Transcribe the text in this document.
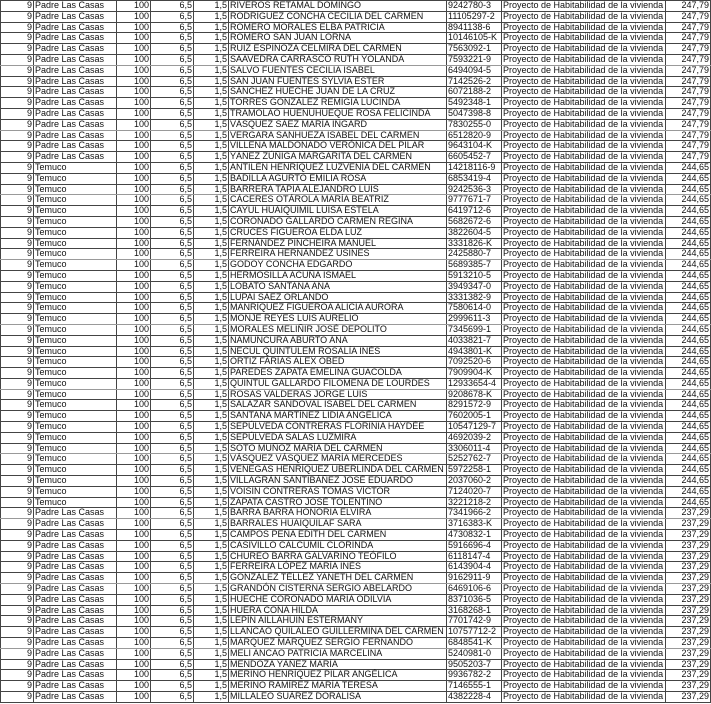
9	Padre Las Casas	100	6,5	1,5	RIVEROS RETAMAL DOMINGO	9242780-3	Proyecto de Habitabilidad de la vivienda	247,79
9	Padre Las Casas	100	6,5	1,5	RODRÍGUEZ CONCHA CECILIA DEL CARMEN	11105297-2	Proyecto de Habitabilidad de la vivienda	247,79
9	Padre Las Casas	100	6,5	1,5	ROMERO MORALES ELBA PATRICIA	8941138-6	Proyecto de Habitabilidad de la vivienda	247,79
9	Padre Las Casas	100	6,5	1,5	ROMERO SAN JUAN LORNA	10146105-K	Proyecto de Habitabilidad de la vivienda	247,79
9	Padre Las Casas	100	6,5	1,5	RUIZ ESPINOZA CELMIRA DEL CARMEN	7563092-1	Proyecto de Habitabilidad de la vivienda	247,79
9	Padre Las Casas	100	6,5	1,5	SAAVEDRA CARRASCO RUTH YOLANDA	7593221-9	Proyecto de Habitabilidad de la vivienda	247,79
9	Padre Las Casas	100	6,5	1,5	SALVO FUENTES CECILIA ISABEL	6494094-5	Proyecto de Habitabilidad de la vivienda	247,79
9	Padre Las Casas	100	6,5	1,5	SAN JUAN FUENTES SYLVIA ESTER	7142526-2	Proyecto de Habitabilidad de la vivienda	247,79
9	Padre Las Casas	100	6,5	1,5	SÁNCHEZ HUECHE JUAN DE LA CRUZ	6072188-2	Proyecto de Habitabilidad de la vivienda	247,79
9	Padre Las Casas	100	6,5	1,5	TORRES GONZÁLEZ REMIGIA LUCINDA	5492348-1	Proyecto de Habitabilidad de la vivienda	247,79
9	Padre Las Casas	100	6,5	1,5	TRAMOLAO HUENUHUEQUE ROSA FELICINDA	5047398-8	Proyecto de Habitabilidad de la vivienda	247,79
9	Padre Las Casas	100	6,5	1,5	VÁSQUEZ SÁEZ MARÍA INGARD	7830255-0	Proyecto de Habitabilidad de la vivienda	247,79
9	Padre Las Casas	100	6,5	1,5	VERGARA SANHUEZA ISABEL DEL CARMEN	6512820-9	Proyecto de Habitabilidad de la vivienda	247,79
9	Padre Las Casas	100	6,5	1,5	VILLENA MALDONADO VERÓNICA DEL PILAR	9643104-K	Proyecto de Habitabilidad de la vivienda	247,79
9	Padre Las Casas	100	6,5	1,5	YÁÑEZ ZÚÑIGA MARGARITA DEL CARMEN	6605452-7	Proyecto de Habitabilidad de la vivienda	247,79
9	Temuco	100	6,5	1,5	ANTILÉN HENRÍQUEZ LUZVENIA DEL CARMEN	14218116-9	Proyecto de Habitabilidad de la vivienda	244,65
9	Temuco	100	6,5	1,5	BADILLA AGURTO EMILIA ROSA	6853419-4	Proyecto de Habitabilidad de la vivienda	244,65
9	Temuco	100	6,5	1,5	BARRERA TAPIA ALEJANDRO LUIS	9242536-3	Proyecto de Habitabilidad de la vivienda	244,65
9	Temuco	100	6,5	1,5	CÁCERES OTÁROLA MARÍA BEATRIZ	9777671-7	Proyecto de Habitabilidad de la vivienda	244,65
9	Temuco	100	6,5	1,5	CAYUL HUAIQUIMIL LUISA ESTELA	6419712-6	Proyecto de Habitabilidad de la vivienda	244,65
9	Temuco	100	6,5	1,5	CORONADO GALLARDO CARMEN REGINA	5682672-6	Proyecto de Habitabilidad de la vivienda	244,65
9	Temuco	100	6,5	1,5	CRUCES FIGUEROA ELDA LUZ	3822604-5	Proyecto de Habitabilidad de la vivienda	244,65
9	Temuco	100	6,5	1,5	FERNÁNDEZ PINCHEIRA MANUEL	3331826-K	Proyecto de Habitabilidad de la vivienda	244,65
9	Temuco	100	6,5	1,5	FERREIRA HERNÁNDEZ USINES	2425880-7	Proyecto de Habitabilidad de la vivienda	244,65
9	Temuco	100	6,5	1,5	GODOY CONCHA EDGARDO	5689385-7	Proyecto de Habitabilidad de la vivienda	244,65
9	Temuco	100	6,5	1,5	HERMOSILLA ACUÑA ISMAEL	5913210-5	Proyecto de Habitabilidad de la vivienda	244,65
9	Temuco	100	6,5	1,5	LOBATO SANTANA ANA	3949347-0	Proyecto de Habitabilidad de la vivienda	244,65
9	Temuco	100	6,5	1,5	LUPAI SÁEZ ORLANDO	3331382-9	Proyecto de Habitabilidad de la vivienda	244,65
9	Temuco	100	6,5	1,5	MANRÍQUEZ FIGUEROA ALICIA AURORA	7580614-0	Proyecto de Habitabilidad de la vivienda	244,65
9	Temuco	100	6,5	1,5	MONJE REYES LUIS AURELIO	2999611-3	Proyecto de Habitabilidad de la vivienda	244,65
9	Temuco	100	6,5	1,5	MORALES MELIÑIR JOSÉ DEPOLITO	7345699-1	Proyecto de Habitabilidad de la vivienda	244,65
9	Temuco	100	6,5	1,5	NAMUNCURA ABURTO ANA	4033821-7	Proyecto de Habitabilidad de la vivienda	244,65
9	Temuco	100	6,5	1,5	NECUL QUINTULEM ROSALÍA INÉS	4943801-K	Proyecto de Habitabilidad de la vivienda	244,65
9	Temuco	100	6,5	1,5	ORTIZ FARÍAS ALEX OBED	7092520-6	Proyecto de Habitabilidad de la vivienda	244,65
9	Temuco	100	6,5	1,5	PAREDES ZAPATA EMELINA GUACOLDA	7909904-K	Proyecto de Habitabilidad de la vivienda	244,65
9	Temuco	100	6,5	1,5	QUINTUL GALLARDO FILOMENA DE LOURDES	12933654-4	Proyecto de Habitabilidad de la vivienda	244,65
9	Temuco	100	6,5	1,5	ROSAS VALDERAS JORGE LUIS	9208678-K	Proyecto de Habitabilidad de la vivienda	244,65
9	Temuco	100	6,5	1,5	SALAZAR SANDOVAL ISABEL DEL CARMEN	8291572-9	Proyecto de Habitabilidad de la vivienda	244,65
9	Temuco	100	6,5	1,5	SANTANA MARTÍNEZ LIDIA ANGÉLICA	7602005-1	Proyecto de Habitabilidad de la vivienda	244,65
9	Temuco	100	6,5	1,5	SEPÚLVEDA CONTRERAS FLORINIA HAYDÉE	10547129-7	Proyecto de Habitabilidad de la vivienda	244,65
9	Temuco	100	6,5	1,5	SEPÚLVEDA SALAS LUZMIRA	4692039-2	Proyecto de Habitabilidad de la vivienda	244,65
9	Temuco	100	6,5	1,5	SOTO MUÑOZ MARÍA DEL CARMEN	3306011-4	Proyecto de Habitabilidad de la vivienda	244,65
9	Temuco	100	6,5	1,5	VÁSQUEZ VÁSQUEZ MARÍA MERCEDES	5252762-7	Proyecto de Habitabilidad de la vivienda	244,65
9	Temuco	100	6,5	1,5	VENEGAS HENRÍQUEZ UBERLINDA DEL CARMEN	5972258-1	Proyecto de Habitabilidad de la vivienda	244,65
9	Temuco	100	6,5	1,5	VILLAGRÁN SANTIBÁÑEZ JOSÉ EDUARDO	2037060-2	Proyecto de Habitabilidad de la vivienda	244,65
9	Temuco	100	6,5	1,5	VOISIN CONTRERAS TOMÁS VÍCTOR	7124020-7	Proyecto de Habitabilidad de la vivienda	244,65
9	Temuco	100	6,5	1,5	ZAPATA CASTRO JOSÉ TOLENTINO	3221218-2	Proyecto de Habitabilidad de la vivienda	244,65
9	Padre Las Casas	100	6,5	1,5	BARRA BARRA HONORIA ELVIRA	7341966-2	Proyecto de Habitabilidad de la vivienda	237,29
9	Padre Las Casas	100	6,5	1,5	BARRALES HUAIQUILAF SARA	3716383-K	Proyecto de Habitabilidad de la vivienda	237,29
9	Padre Las Casas	100	6,5	1,5	CAMPOS PEÑA EDITH DEL CARMEN	4730832-1	Proyecto de Habitabilidad de la vivienda	237,29
9	Padre Las Casas	100	6,5	1,5	CASIVILLO CALCUMIL CLORINDA	5916696-4	Proyecto de Habitabilidad de la vivienda	237,29
9	Padre Las Casas	100	6,5	1,5	CHUREO BARRA GALVARINO TEÓFILO	6118147-4	Proyecto de Habitabilidad de la vivienda	237,29
9	Padre Las Casas	100	6,5	1,5	FERREIRA LÓPEZ MARÍA INÉS	6143904-4	Proyecto de Habitabilidad de la vivienda	237,29
9	Padre Las Casas	100	6,5	1,5	GONZÁLEZ TÉLLEZ YANETH DEL CARMEN	9162911-9	Proyecto de Habitabilidad de la vivienda	237,29
9	Padre Las Casas	100	6,5	1,5	GRANDÓN CISTERNA SERGIO ABELARDO	6469106-6	Proyecto de Habitabilidad de la vivienda	237,29
9	Padre Las Casas	100	6,5	1,5	HUECHE CORONADO MARÍA ODILVIA	8371036-5	Proyecto de Habitabilidad de la vivienda	237,29
9	Padre Las Casas	100	6,5	1,5	HUERA CONA HILDA	3168268-1	Proyecto de Habitabilidad de la vivienda	237,29
9	Padre Las Casas	100	6,5	1,5	LEPÍN AILLAHUIN ESTERMANY	7701742-9	Proyecto de Habitabilidad de la vivienda	237,29
9	Padre Las Casas	100	6,5	1,5	LLANCAO QUILALEO GUILLERMINA DEL CARMEN	10757712-2	Proyecto de Habitabilidad de la vivienda	237,29
9	Padre Las Casas	100	6,5	1,5	MÁRQUEZ MÁRQUEZ SERGIO FERNANDO	6848541-K	Proyecto de Habitabilidad de la vivienda	237,29
9	Padre Las Casas	100	6,5	1,5	MELI ANCAO PATRICIA MARCELINA	5240981-0	Proyecto de Habitabilidad de la vivienda	237,29
9	Padre Las Casas	100	6,5	1,5	MENDOZA YÁÑEZ MARÍA	9505203-7	Proyecto de Habitabilidad de la vivienda	237,29
9	Padre Las Casas	100	6,5	1,5	MERINO HENRÍQUEZ PILAR ANGÉLICA	9936782-2	Proyecto de Habitabilidad de la vivienda	237,29
9	Padre Las Casas	100	6,5	1,5	MERINO RAMÍREZ MARÍA TERESA	7146555-1	Proyecto de Habitabilidad de la vivienda	237,29
9	Padre Las Casas	100	6,5	1,5	MILLALEO SUÁREZ DORALISA	4382228-4	Proyecto de Habitabilidad de la vivienda	237,29
